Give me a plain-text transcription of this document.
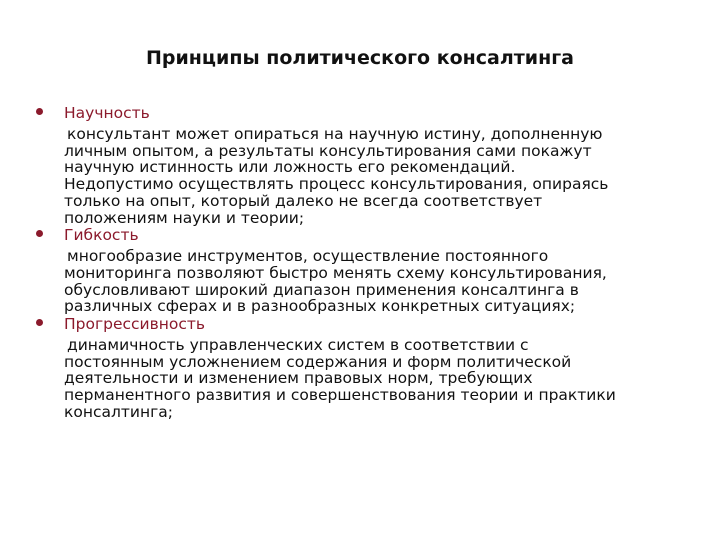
Принципы политического консалтинга
Научность
консультант может опираться на научную истину, дополненную
личным опытом, а результаты консультирования сами покажут
научную истинность или ложность его рекомендаций.
Недопустимо осуществлять процесс консультирования, опираясь
только на опыт, который далеко не всегда соответствует
положениям науки и теории;
Гибкость
многообразие инструментов, осуществление постоянного
мониторинга позволяют быстро менять схему консультирования,
обусловливают широкий диапазон применения консалтинга в
различных сферах и в разнообразных конкретных ситуациях;
Прогрессивность
динамичность управленческих систем в соответствии с
постоянным усложнением содержания и форм политической
деятельности и изменением правовых норм, требующих
перманентного развития и совершенствования теории и практики
консалтинга;
